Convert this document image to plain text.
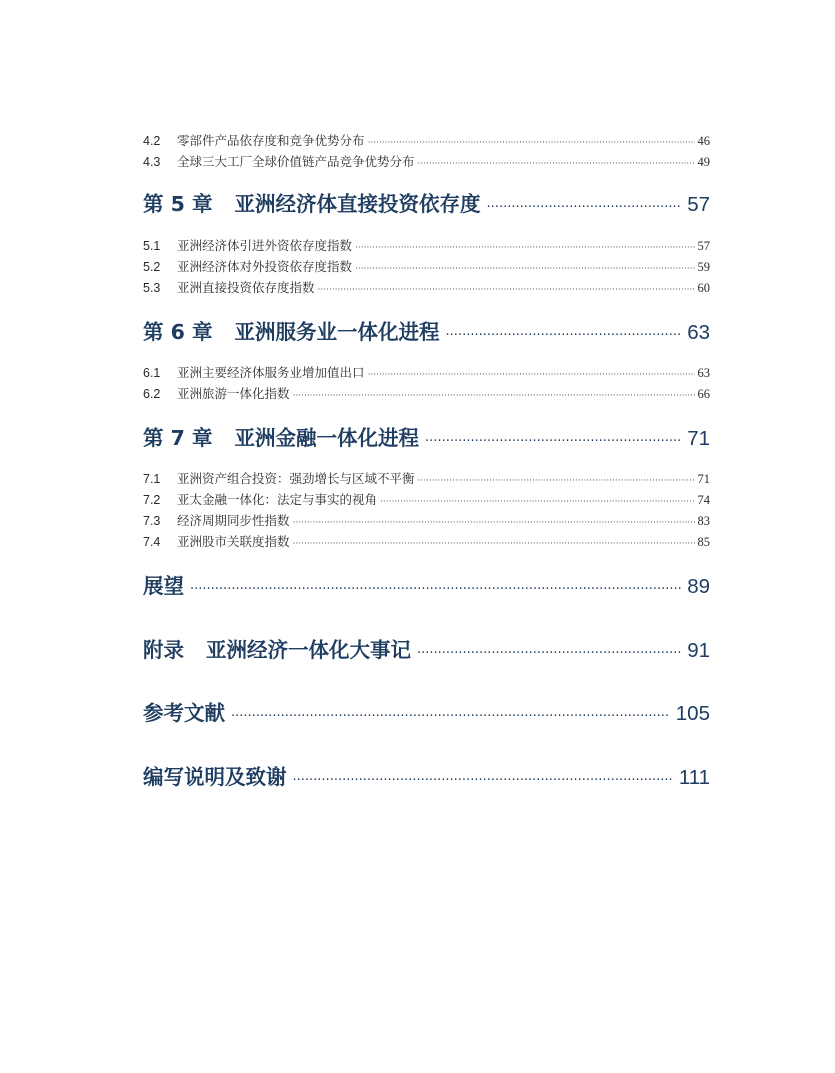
4.2	零部件产品依存度和竞争优势分布 ·····	46
4.3	全球三大工厂全球价值链产品竞争优势分布 ·····	49
第 5 章 亚洲经济体直接投资依存度 ·····	57
5.1	亚洲经济体引进外资依存度指数 ·····	57
5.2	亚洲经济体对外投资依存度指数 ·····	59
5.3	亚洲直接投资依存度指数 ·····	60
第 6 章 亚洲服务业一体化进程 ·····	63
6.1	亚洲主要经济体服务业增加值出口 ·····	63
6.2	亚洲旅游一体化指数 ·····	66
第 7 章 亚洲金融一体化进程 ·····	71
7.1	亚洲资产组合投资：强劲增长与区域不平衡 ·····	71
7.2	亚太金融一体化：法定与事实的视角 ·····	74
7.3	经济周期同步性指数 ·····	83
7.4	亚洲股市关联度指数 ·····	85
展望 ·····	89
附录 亚洲经济一体化大事记 ·····	91
参考文献 ·····	105
编写说明及致谢 ·····	111
